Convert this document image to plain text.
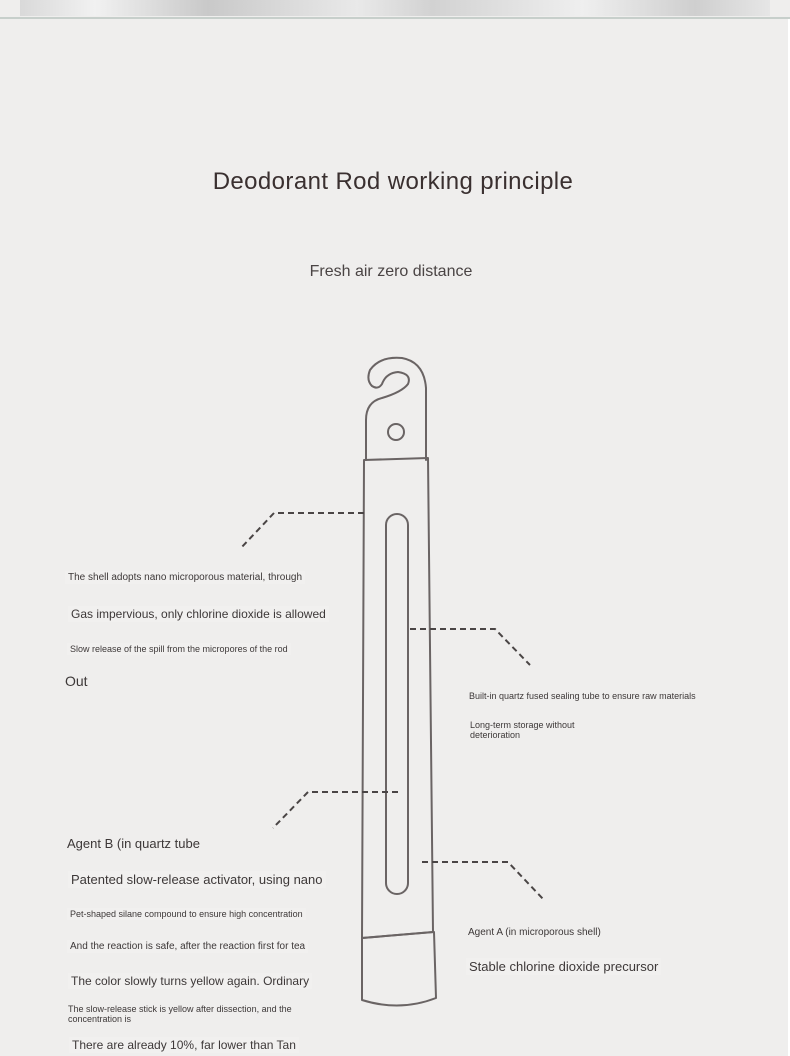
Deodorant Rod working principle
Fresh air zero distance
The shell adopts nano microporous material, through
Gas impervious, only chlorine dioxide is allowed
Slow release of the spill from the micropores of the rod
Out
Built-in quartz fused sealing tube to ensure raw materials
Long-term storage without
deterioration
Agent B (in quartz tube
Patented slow-release activator, using nano
Pet-shaped silane compound to ensure high concentration
And the reaction is safe, after the reaction first for tea
The color slowly turns yellow again. Ordinary
The slow-release stick is yellow after dissection, and the
concentration is
There are already 10%, far lower than Tan
Agent A (in microporous shell)
Stable chlorine dioxide precursor
